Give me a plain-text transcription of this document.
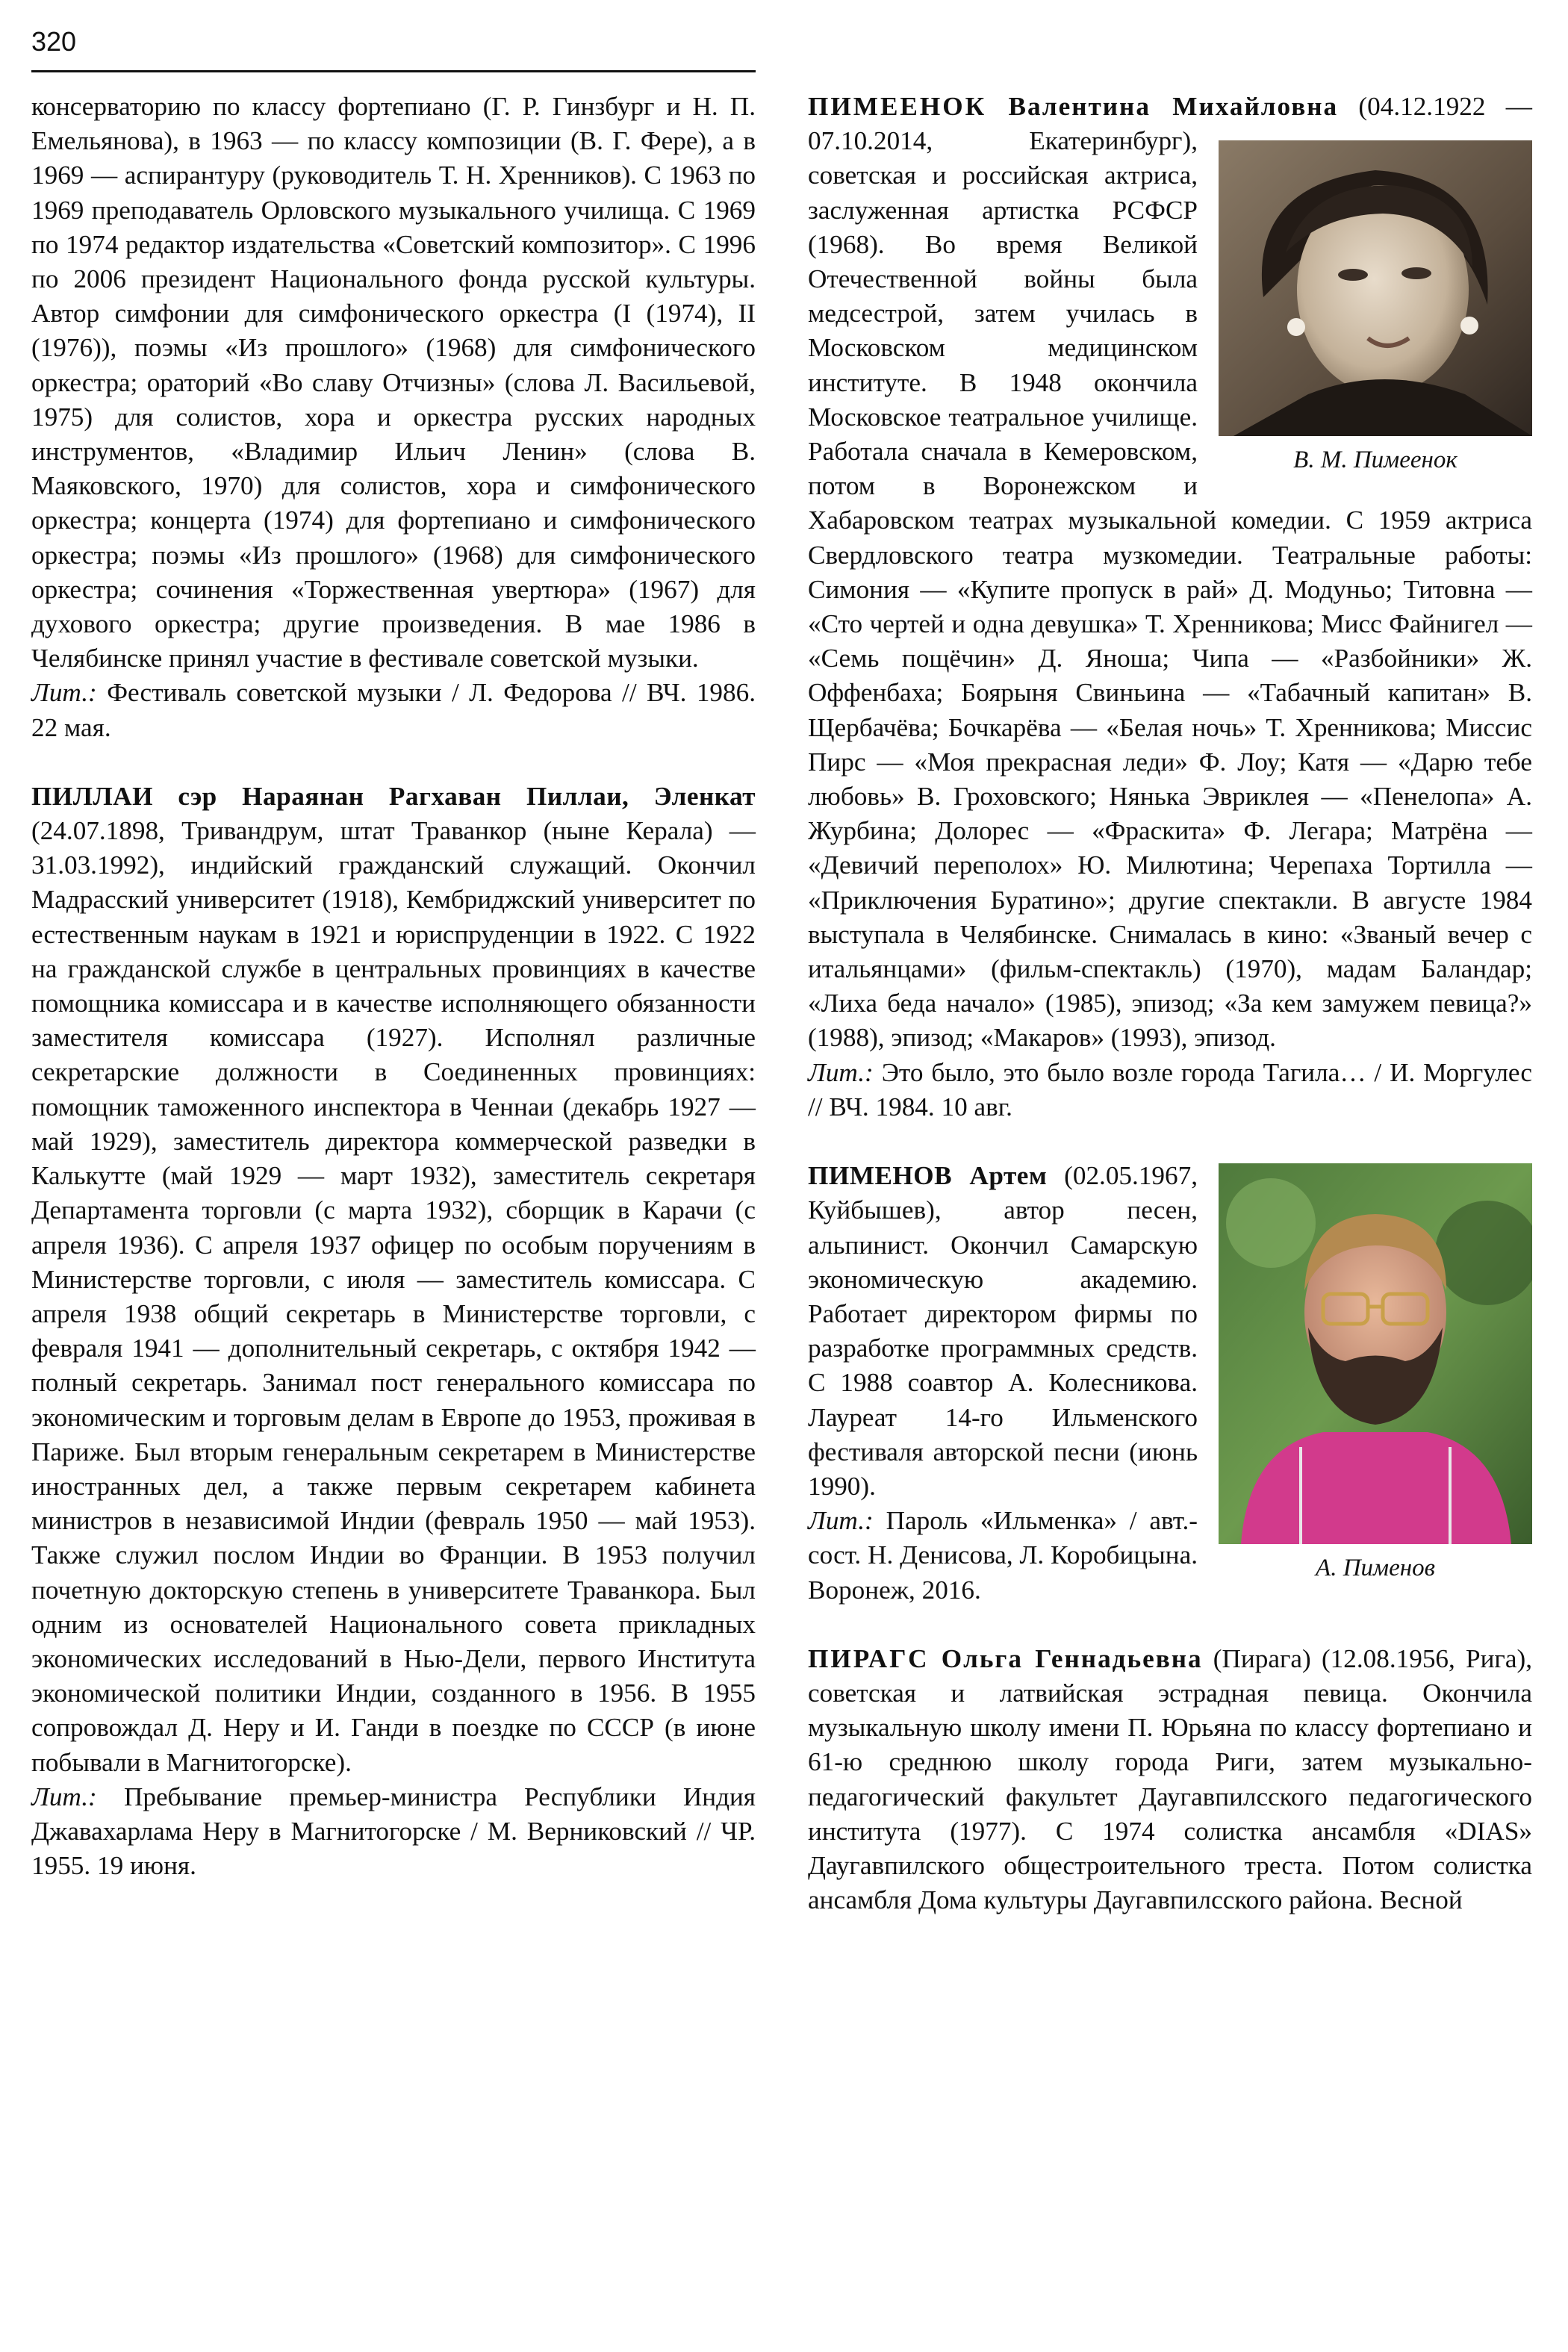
320

консерваторию по классу фортепиано (Г. Р. Гинзбург и Н. П. Емельянова), в 1963 — по классу композиции (В. Г. Фере), а в 1969 — аспирантуру (руководитель Т. Н. Хренников). С 1963 по 1969 преподаватель Орловского музыкального училища. С 1969 по 1974 редактор издательства «Советский композитор». С 1996 по 2006 президент Национального фонда русской культуры. Автор симфонии для симфонического оркестра (I (1974), II (1976)), поэмы «Из прошлого» (1968) для симфонического оркестра; ораторий «Во славу Отчизны» (слова Л. Васильевой, 1975) для солистов, хора и оркестра русских народных инструментов, «Владимир Ильич Ленин» (слова В. Маяковского, 1970) для солистов, хора и симфонического оркестра; концерта (1974) для фортепиано и симфонического оркестра; поэмы «Из прошлого» (1968) для симфонического оркестра; сочинения «Торжественная увертюра» (1967) для духового оркестра; другие произведения. В мае 1986 в Челябинске принял участие в фестивале советской музыки.

Лит.: Фестиваль советской музыки / Л. Федорова // ВЧ. 1986. 22 мая.

ПИЛЛАИ сэр Нараянан Рагхаван Пиллаи, Эленкат (24.07.1898, Тривандрум, штат Траванкор (ныне Керала) — 31.03.1992), индийский гражданский служащий. Окончил Мадрасский университет (1918), Кембриджский университет по естественным наукам в 1921 и юриспруденции в 1922. С 1922 на гражданской службе в центральных провинциях в качестве помощника комиссара и в качестве исполняющего обязанности заместителя комиссара (1927). Исполнял различные секретарские должности в Соединенных провинциях: помощник таможенного инспектора в Ченнаи (декабрь 1927 — май 1929), заместитель директора коммерческой разведки в Калькутте (май 1929 — март 1932), заместитель секретаря Департамента торговли (с марта 1932), сборщик в Карачи (с апреля 1936). С апреля 1937 офицер по особым поручениям в Министерстве торговли, с июля — заместитель комиссара. С апреля 1938 общий секретарь в Министерстве торговли, с февраля 1941 — дополнительный секретарь, с октября 1942 — полный секретарь. Занимал пост генерального комиссара по экономическим и торговым делам в Европе до 1953, проживая в Париже. Был вторым генеральным секретарем в Министерстве иностранных дел, а также первым секретарем кабинета министров в независимой Индии (февраль 1950 — май 1953). Также служил послом Индии во Франции. В 1953 получил почетную докторскую степень в университете Траванкора. Был одним из основателей Национального совета прикладных экономических исследований в Нью-Дели, первого Института экономической политики Индии, созданного в 1956. В 1955 сопровождал Д. Неру и И. Ганди в поездке по СССР (в июне побывали в Магнитогорске).

Лит.: Пребывание премьер-министра Республики Индия Джавахарлама Неру в Магнитогорске / М. Верниковский // ЧР. 1955. 19 июня.

ПИМЕЕНОК Валентина Михайловна
В. М. Пимеенок
(04.12.1922 — 07.10.2014, Екатеринбург), советская и российская актриса, заслуженная артистка РСФСР (1968). Во время Великой Отечественной войны была медсестрой, затем училась в Московском медицинском институте. В 1948 окончила Московское театральное училище. Работала сначала в Кемеровском, потом в Воронежском и Хабаровском театрах музыкальной комедии. С 1959 актриса Свердловского театра музкомедии. Театральные работы: Симония — «Купите пропуск в рай» Д. Модуньо; Титовна — «Сто чертей и одна девушка» Т. Хренникова; Мисс Файнигел — «Семь пощёчин» Д. Яноша; Чипа — «Разбойники» Ж. Оффенбаха; Боярыня Свиньина — «Табачный капитан» В. Щербачёва; Бочкарёва — «Белая ночь» Т. Хренникова; Миссис Пирс — «Моя прекрасная леди» Ф. Лоу; Катя — «Дарю тебе любовь» В. Гроховского; Нянька Эвриклея — «Пенелопа» А. Журбина; Долорес — «Фраскита» Ф. Легара; Матрёна — «Девичий переполох» Ю. Милютина; Черепаха Тортилла — «Приключения Буратино»; другие спектакли. В августе 1984 выступала в Челябинске. Снималась в кино: «Званый вечер с итальянцами» (фильм-спектакль) (1970), мадам Баландар; «Лиха беда начало» (1985), эпизод; «За кем замужем певица?» (1988), эпизод; «Макаров» (1993), эпизод.

Лит.: Это было, это было возле города Тагила… / И. Моргулес // ВЧ. 1984. 10 авг.

ПИМЕНОВ Артем
А. Пименов
(02.05.1967, Куйбышев), автор песен, альпинист. Окончил Самарскую экономическую академию. Работает директором фирмы по разработке программных средств. С 1988 соавтор А. Колесникова. Лауреат 14-го Ильменского фестиваля авторской песни (июнь 1990).

Лит.: Пароль «Ильменка» / авт.-сост. Н. Денисова, Л. Коробицына. Воронеж, 2016.

ПИРАГС Ольга Геннадьевна (Пирага) (12.08.1956, Рига), советская и латвийская эстрадная певица. Окончила музыкальную школу имени П. Юрьяна по классу фортепиано и 61-ю среднюю школу города Риги, затем музыкально-педагогический факультет Даугавпилсского педагогического института (1977). С 1974 солистка ансамбля «DIAS» Даугавпилского общестроительного треста. Потом солистка ансамбля Дома культуры Даугавпилсского района. Весной
